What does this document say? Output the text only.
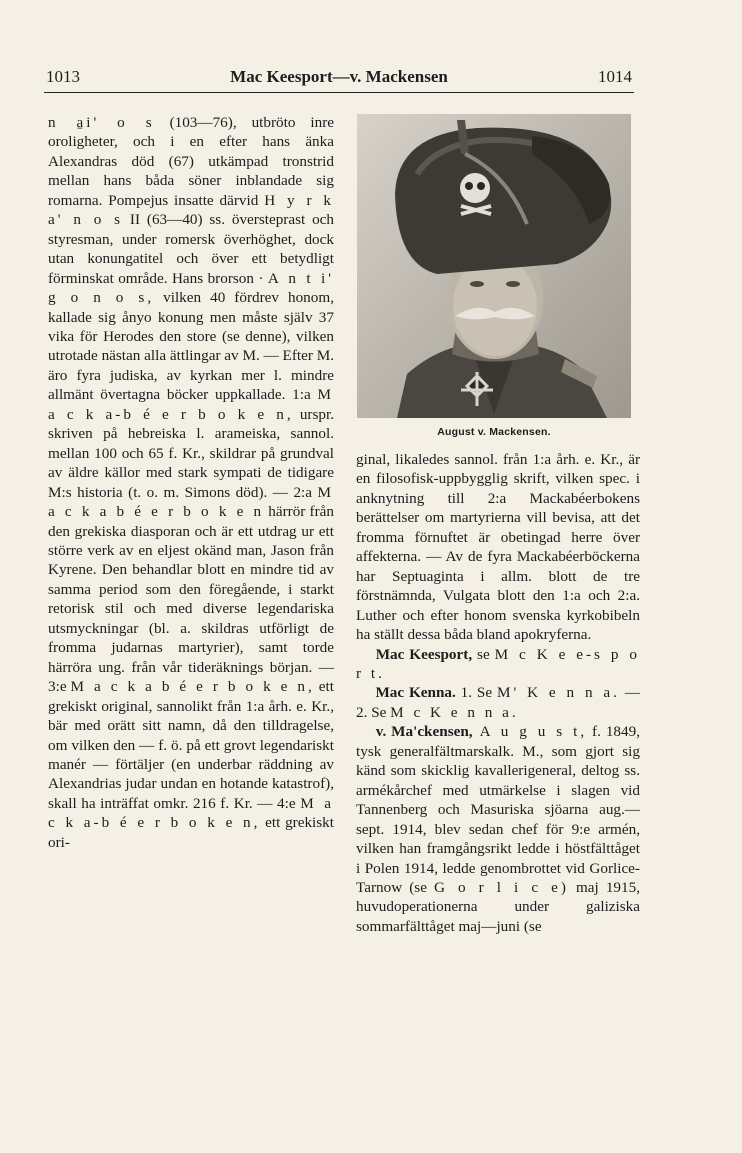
1013	Mac Keesport—v. Mackensen	1014

n a̱i' o s (103—76), utbröto inre oroligheter, och i en efter hans änka Alexandras död (67) utkämpad tronstrid mellan hans båda söner inblandade sig romarna. Pompejus insatte därvid H y r k a' n o s II (63—40) ss. översteprast och styresman, under romersk överhöghet, dock utan konungatitel och över ett betydligt förminskat område. Hans brorson · A n t i' g o n o s, vilken 40 fördrev honom, kallade sig ånyo konung men måste själv 37 vika för Herodes den store (se denne), vilken utrotade nästan alla ättlingar av M. — Efter M. äro fyra judiska, av kyrkan mer l. mindre allmänt övertagna böcker uppkallade. 1:a M a c k a-b é e r b o k e n, urspr. skriven på hebreiska l. arameiska, sannol. mellan 100 och 65 f. Kr., skildrar på grundval av äldre källor med stark sympati de tidigare M:s historia (t. o. m. Simons död). — 2:a M a c k a b é e r b o k e n härrör från den grekiska diasporan och är ett utdrag ur ett större verk av en eljest okänd man, Jason från Kyrene. Den behandlar blott en mindre tid av samma period som den föregående, i starkt retorisk stil och med diverse legendariska utsmyckningar (bl. a. skildras utförligt de fromma judarnas martyrier), samt torde härröra ung. från vår tideräknings början. — 3:e M a c k a b é e r b o k e n, ett grekiskt original, sannolikt från 1:a årh. e. Kr., bär med orätt sitt namn, då den tilldragelse, om vilken den — f. ö. på ett grovt legendariskt manér — förtäljer (en underbar räddning av Alexandrias judar undan en hotande katastrof), skall ha inträffat omkr. 216 f. Kr. — 4:e M a c k a-b é e r b o k e n, ett grekiskt ori-

August v. Mackensen.

ginal, likaledes sannol. från 1:a årh. e. Kr., är en filosofisk-uppbygglig skrift, vilken spec. i anknytning till 2:a Mackabéerbokens berättelser om martyrierna vill bevisa, att det fromma förnuftet är obetingad herre över affekterna. — Av de fyra Mackabéerböckerna har Septuaginta i allm. blott de tre förstnämnda, Vulgata blott den 1:a och 2:a. Luther och efter honom svenska kyrkobibeln ha ställt dessa båda bland apokryferna.

Mac Keesport, se M c K e e-s p o r t.

Mac Kenna. 1. Se M' K e n n a. — 2. Se M c K e n n a.

v. Ma'ckensen, A u g u s t, f. 1849, tysk generalfältmarskalk. M., som gjort sig känd som skicklig kavallerigeneral, deltog ss. armékårchef med utmärkelse i slagen vid Tannenberg och Masuriska sjöarna aug.—sept. 1914, blev sedan chef för 9:e armén, vilken han framgångsrikt ledde i höstfälttåget i Polen 1914, ledde genombrottet vid Gorlice-Tarnow (se G o r l i c e) maj 1915, huvudoperationerna under galiziska sommarfälttåget maj—juni (se
